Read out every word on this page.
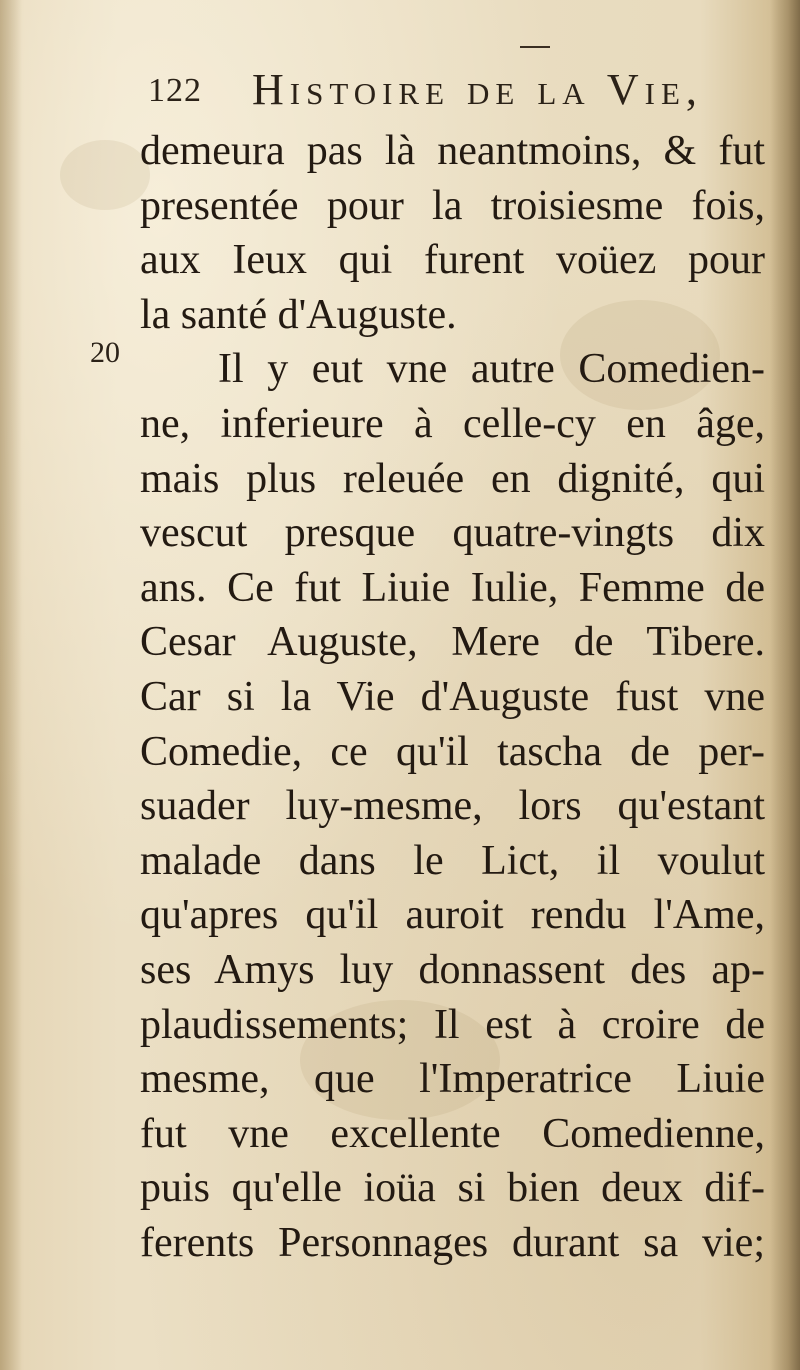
122 Histoire de la Vie,
20
demeura pas là neantmoins, & fut
presentée pour la troisiesme fois,
aux Ieux qui furent voüez pour
la santé d'Auguste.
Il y eut vne autre Comedien-
ne, inferieure à celle-cy en âge,
mais plus releuée en dignité, qui
vescut presque quatre-vingts dix
ans. Ce fut Liuie Iulie, Femme de
Cesar Auguste, Mere de Tibere.
Car si la Vie d'Auguste fust vne
Comedie, ce qu'il tascha de per-
suader luy-mesme, lors qu'estant
malade dans le Lict, il voulut
qu'apres qu'il auroit rendu l'Ame,
ses Amys luy donnassent des ap-
plaudissements; Il est à croire de
mesme, que l'Imperatrice Liuie
fut vne excellente Comedienne,
puis qu'elle ioüa si bien deux dif-
ferents Personnages durant sa vie;
